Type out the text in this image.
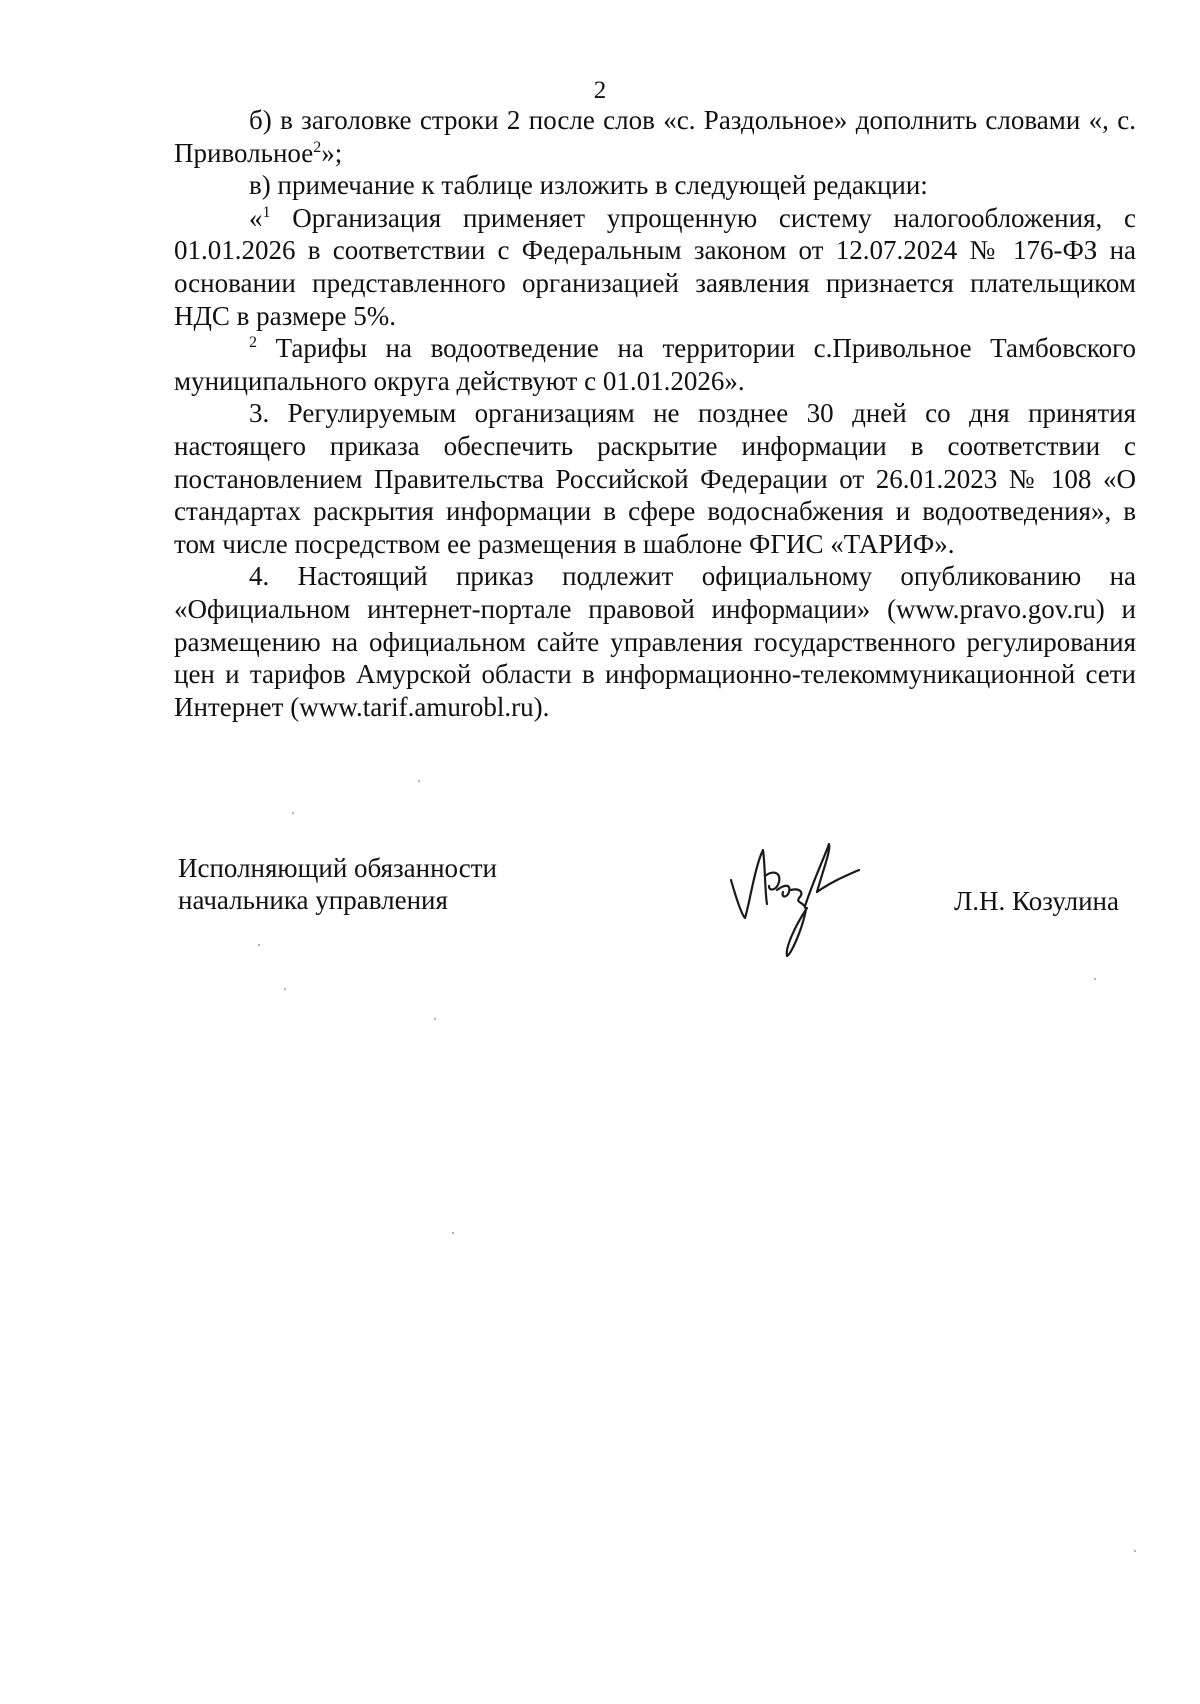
2

б) в заголовке строки 2 после слов «с. Раздольное» дополнить словами «, с. Привольное$^2$»;

в) примечание к таблице изложить в следующей редакции:

«$^1$ Организация применяет упрощенную систему налогообложения, с 01.01.2026 в соответствии с Федеральным законом от 12.07.2024 № 176-ФЗ на основании представленного организацией заявления признается плательщиком НДС в размере 5%.

$^2$ Тарифы на водоотведение на территории с.Привольное Тамбовского муниципального округа действуют с 01.01.2026».

3. Регулируемым организациям не позднее 30 дней со дня принятия настоящего приказа обеспечить раскрытие информации в соответствии с постановлением Правительства Российской Федерации от 26.01.2023 № 108 «О стандартах раскрытия информации в сфере водоснабжения и водоотведения», в том числе посредством ее размещения в шаблоне ФГИС «ТАРИФ».

4. Настоящий приказ подлежит официальному опубликованию на «Официальном интернет-портале правовой информации» (www.pravo.gov.ru) и размещению на официальном сайте управления государственного регулирования цен и тарифов Амурской области в информационно-телекоммуникационной сети Интернет (www.tarif.amurobl.ru).

Исполняющий обязанности
начальника управления	Л.Н. Козулина
